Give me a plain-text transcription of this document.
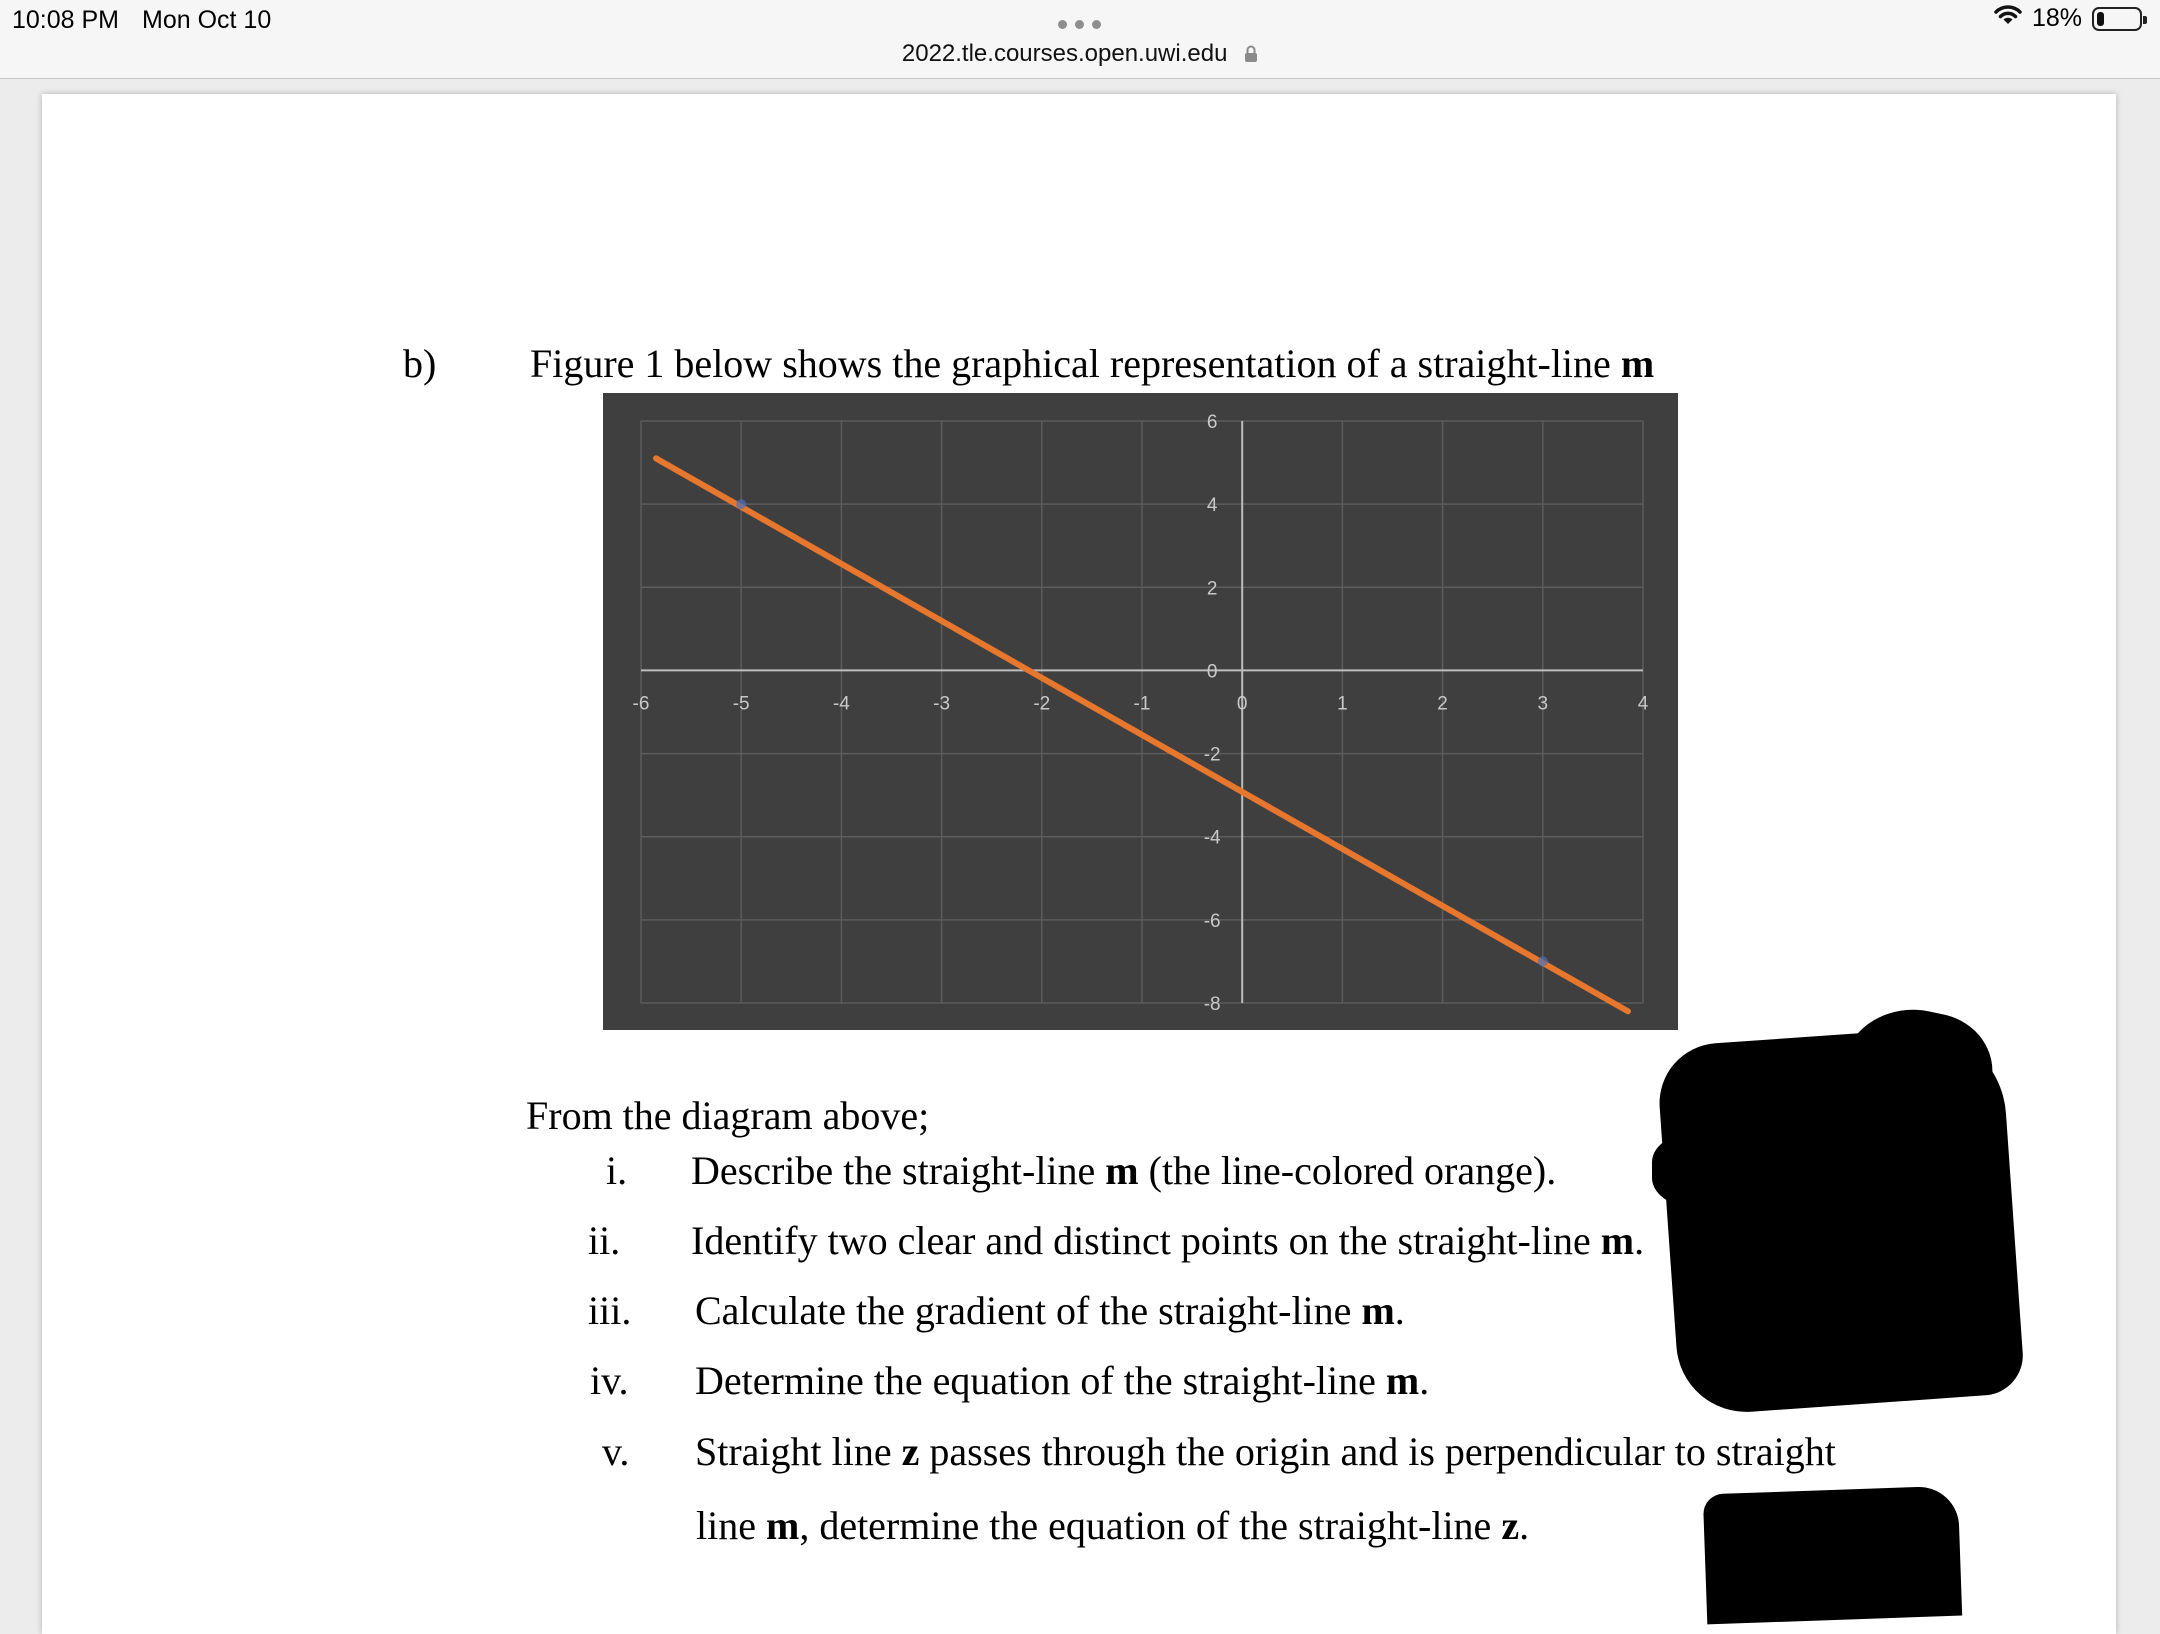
2022.tle.courses.open.uwi.edu
10:08 PM Mon Oct 10	18%
b) Figure 1 below shows the graphical representation of a straight-line m
-6	-5	-4	-3	-2	-1	0	1	2	3	4
6
4
2
0
-2
-4
-6
-8
From the diagram above;
i. Describe the straight-line m (the line-colored orange).
ii. Identify two clear and distinct points on the straight-line m.
iii. Calculate the gradient of the straight-line m.
iv. Determine the equation of the straight-line m.
v. Straight line z passes through the origin and is perpendicular to straight
line m, determine the equation of the straight-line z.
